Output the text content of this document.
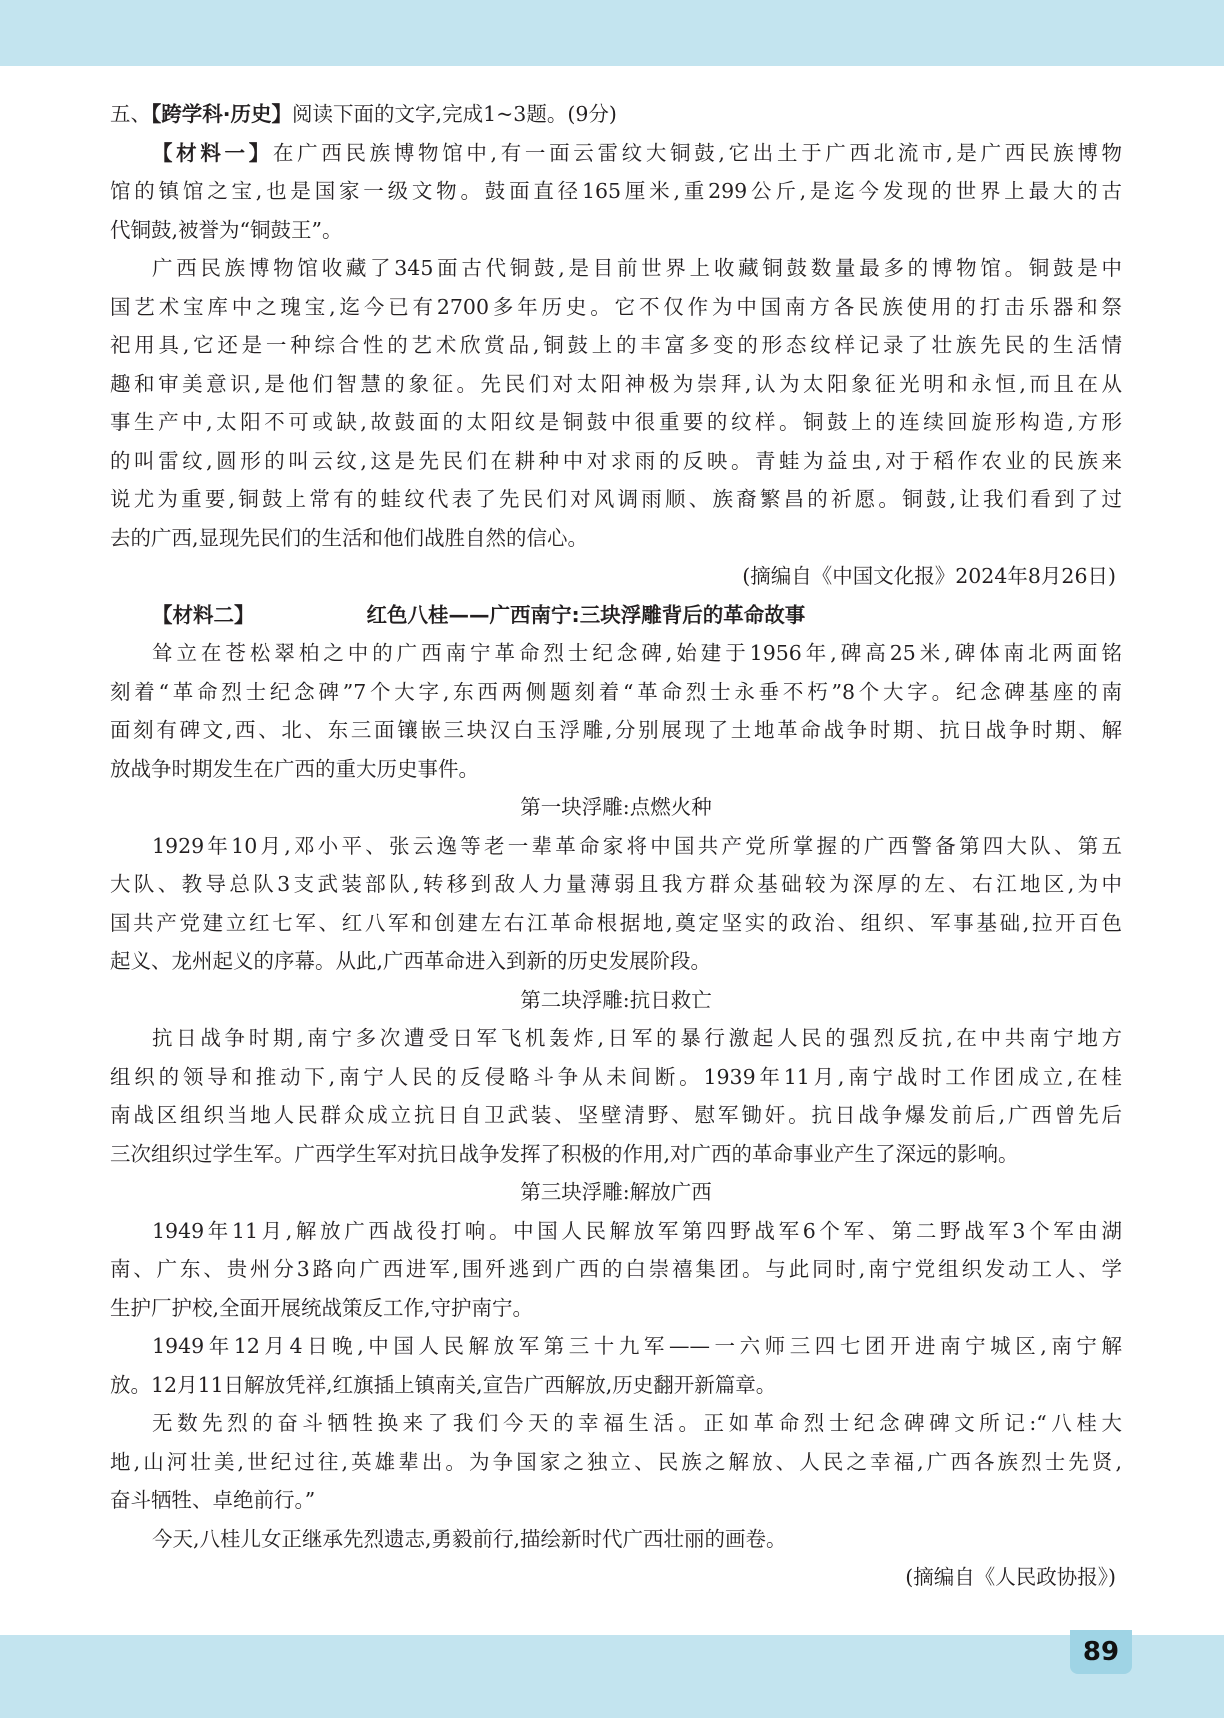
五、【跨学科·历史】阅读下面的文字,完成1~3题。(9分)
【材料一】在广西民族博物馆中,有一面云雷纹大铜鼓,它出土于广西北流市,是广西民族博物
馆的镇馆之宝,也是国家一级文物。鼓面直径165厘米,重299公斤,是迄今发现的世界上最大的古
代铜鼓,被誉为“铜鼓王”。
广西民族博物馆收藏了345面古代铜鼓,是目前世界上收藏铜鼓数量最多的博物馆。铜鼓是中
国艺术宝库中之瑰宝,迄今已有2700多年历史。它不仅作为中国南方各民族使用的打击乐器和祭
祀用具,它还是一种综合性的艺术欣赏品,铜鼓上的丰富多变的形态纹样记录了壮族先民的生活情
趣和审美意识,是他们智慧的象征。先民们对太阳神极为崇拜,认为太阳象征光明和永恒,而且在从
事生产中,太阳不可或缺,故鼓面的太阳纹是铜鼓中很重要的纹样。铜鼓上的连续回旋形构造,方形
的叫雷纹,圆形的叫云纹,这是先民们在耕种中对求雨的反映。青蛙为益虫,对于稻作农业的民族来
说尤为重要,铜鼓上常有的蛙纹代表了先民们对风调雨顺、族裔繁昌的祈愿。铜鼓,让我们看到了过
去的广西,显现先民们的生活和他们战胜自然的信心。
(摘编自《中国文化报》2024年8月26日)
【材料二】	红色八桂——广西南宁:三块浮雕背后的革命故事
耸立在苍松翠柏之中的广西南宁革命烈士纪念碑,始建于1956年,碑高25米,碑体南北两面铭
刻着“革命烈士纪念碑”7个大字,东西两侧题刻着“革命烈士永垂不朽”8个大字。纪念碑基座的南
面刻有碑文,西、北、东三面镶嵌三块汉白玉浮雕,分别展现了土地革命战争时期、抗日战争时期、解
放战争时期发生在广西的重大历史事件。
第一块浮雕:点燃火种
1929年10月,邓小平、张云逸等老一辈革命家将中国共产党所掌握的广西警备第四大队、第五
大队、教导总队3支武装部队,转移到敌人力量薄弱且我方群众基础较为深厚的左、右江地区,为中
国共产党建立红七军、红八军和创建左右江革命根据地,奠定坚实的政治、组织、军事基础,拉开百色
起义、龙州起义的序幕。从此,广西革命进入到新的历史发展阶段。
第二块浮雕:抗日救亡
抗日战争时期,南宁多次遭受日军飞机轰炸,日军的暴行激起人民的强烈反抗,在中共南宁地方
组织的领导和推动下,南宁人民的反侵略斗争从未间断。1939年11月,南宁战时工作团成立,在桂
南战区组织当地人民群众成立抗日自卫武装、坚壁清野、慰军锄奸。抗日战争爆发前后,广西曾先后
三次组织过学生军。广西学生军对抗日战争发挥了积极的作用,对广西的革命事业产生了深远的影响。
第三块浮雕:解放广西
1949年11月,解放广西战役打响。中国人民解放军第四野战军6个军、第二野战军3个军由湖
南、广东、贵州分3路向广西进军,围歼逃到广西的白崇禧集团。与此同时,南宁党组织发动工人、学
生护厂护校,全面开展统战策反工作,守护南宁。
1949年12月4日晚,中国人民解放军第三十九军——一六师三四七团开进南宁城区,南宁解
放。12月11日解放凭祥,红旗插上镇南关,宣告广西解放,历史翻开新篇章。
无数先烈的奋斗牺牲换来了我们今天的幸福生活。正如革命烈士纪念碑碑文所记:“八桂大
地,山河壮美,世纪过往,英雄辈出。为争国家之独立、民族之解放、人民之幸福,广西各族烈士先贤,
奋斗牺牲、卓绝前行。”
今天,八桂儿女正继承先烈遗志,勇毅前行,描绘新时代广西壮丽的画卷。
(摘编自《人民政协报》)
89
